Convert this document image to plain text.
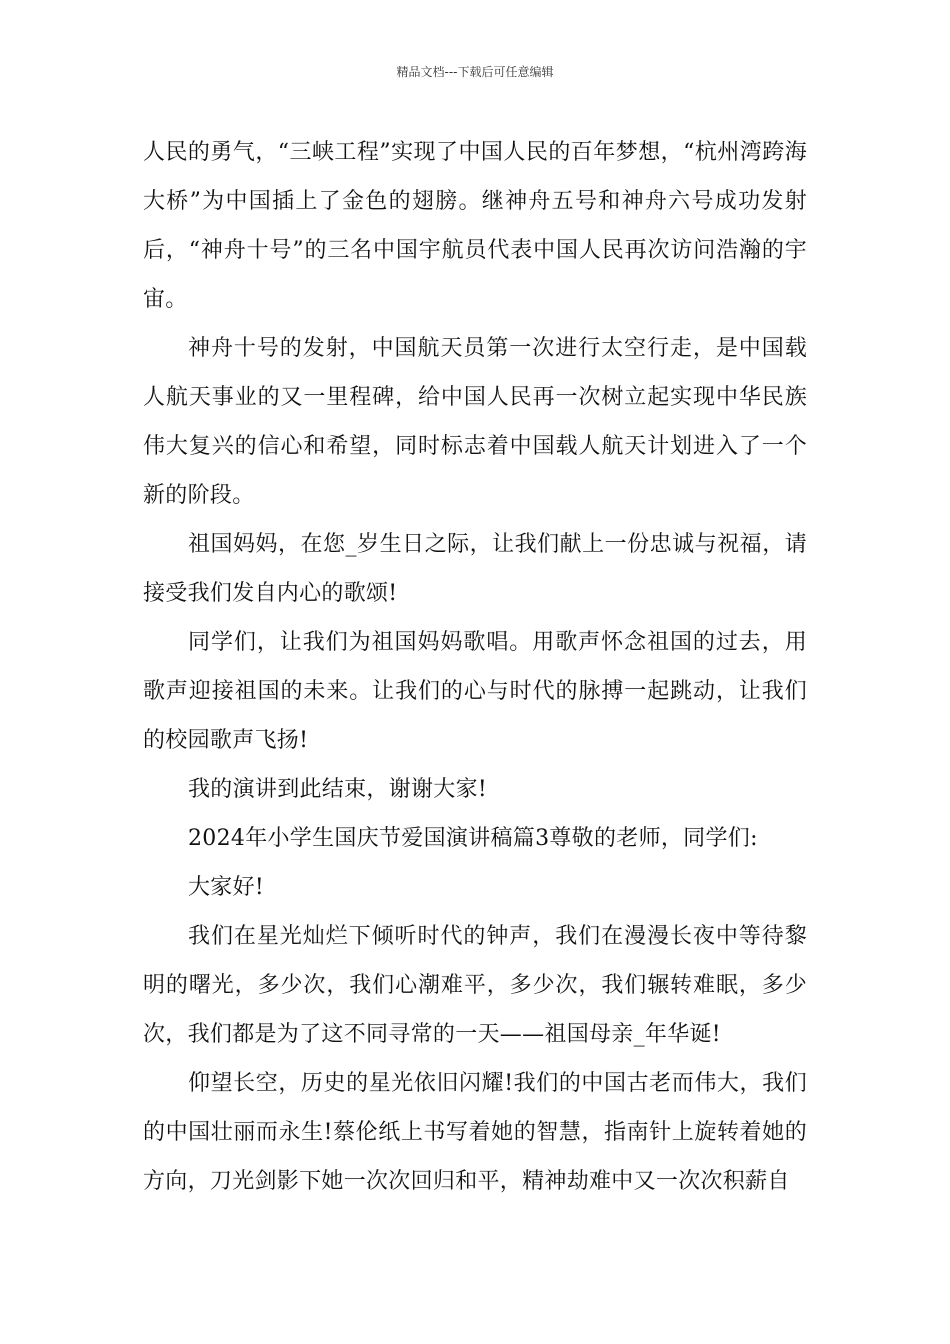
精品文档---下载后可任意编辑

人民的勇气，“三峡工程”实现了中国人民的百年梦想，“杭州湾跨海大桥”为中国插上了金色的翅膀。继神舟五号和神舟六号成功发射后，“神舟十号”的三名中国宇航员代表中国人民再次访问浩瀚的宇宙。

神舟十号的发射，中国航天员第一次进行太空行走，是中国载人航天事业的又一里程碑，给中国人民再一次树立起实现中华民族伟大复兴的信心和希望，同时标志着中国载人航天计划进入了一个新的阶段。

祖国妈妈，在您_岁生日之际，让我们献上一份忠诚与祝福，请接受我们发自内心的歌颂!

同学们，让我们为祖国妈妈歌唱。用歌声怀念祖国的过去，用歌声迎接祖国的未来。让我们的心与时代的脉搏一起跳动，让我们的校园歌声飞扬!

我的演讲到此结束，谢谢大家!

2024年小学生国庆节爱国演讲稿篇3尊敬的老师，同学们:

大家好!

我们在星光灿烂下倾听时代的钟声，我们在漫漫长夜中等待黎明的曙光，多少次，我们心潮难平，多少次，我们辗转难眠，多少次，我们都是为了这不同寻常的一天——祖国母亲_年华诞!

仰望长空，历史的星光依旧闪耀!我们的中国古老而伟大，我们的中国壮丽而永生!蔡伦纸上书写着她的智慧，指南针上旋转着她的方向，刀光剑影下她一次次回归和平，精神劫难中又一次次积薪自
